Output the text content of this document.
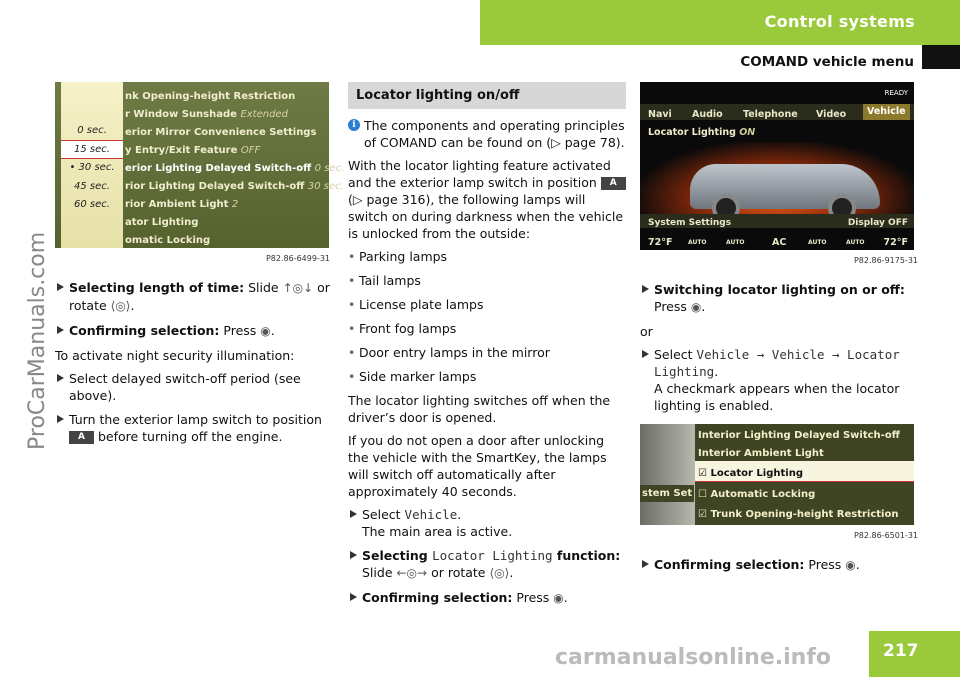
Control systems
COMAND vehicle menu
ProCarManuals.com
carmanualsonline.info	217
0 sec.
15 sec.
• 30 sec.
45 sec.
60 sec.
nk Opening-height Restriction
r Window Sunshade Extended
erior Mirror Convenience Settings
y Entry/Exit Feature OFF
erior Lighting Delayed Switch-off 0 sec.
rior Lighting Delayed Switch-off 30 sec.
rior Ambient Light 2
ator Lighting
omatic Locking
P82.86-6499-31
Selecting length of time: Slide ↑◎↓ or
rotate ⟨◎⟩.
Confirming selection: Press ◉.
To activate night security illumination:
Select delayed switch-off period (see above).
Turn the exterior lamp switch to position
A before turning off the engine.
Locator lighting on/off
i The components and operating principles of COMAND can be found on (▷ page 78).
With the locator lighting feature activated and the exterior lamp switch in position A
(▷ page 316), the following lamps will switch on during darkness when the vehicle is unlocked from the outside:
• Parking lamps
• Tail lamps
• License plate lamps
• Front fog lamps
• Door entry lamps in the mirror
• Side marker lamps
The locator lighting switches off when the driver’s door is opened.
If you do not open a door after unlocking the vehicle with the SmartKey, the lamps will switch off automatically after approximately 40 seconds.
Select Vehicle.
The main area is active.
Selecting Locator Lighting function:
Slide ←◎→ or rotate ⟨◎⟩.
Confirming selection: Press ◉.
READY
Navi Audio Telephone Video	Vehicle
Locator Lighting ON
System Settings	Display OFF
72°F	AUTO	AUTO	AC	AUTO	AUTO 72°F
P82.86-9175-31
Switching locator lighting on or off:
Press ◉.
or
Select Vehicle → Vehicle → Locator Lighting.
A checkmark appears when the locator lighting is enabled.
Interior Lighting Delayed Switch-off
Interior Ambient Light
☑ Locator Lighting
☐ Automatic Locking
☑ Trunk Opening-height Restriction
stem Set
P82.86-6501-31
Confirming selection: Press ◉.
